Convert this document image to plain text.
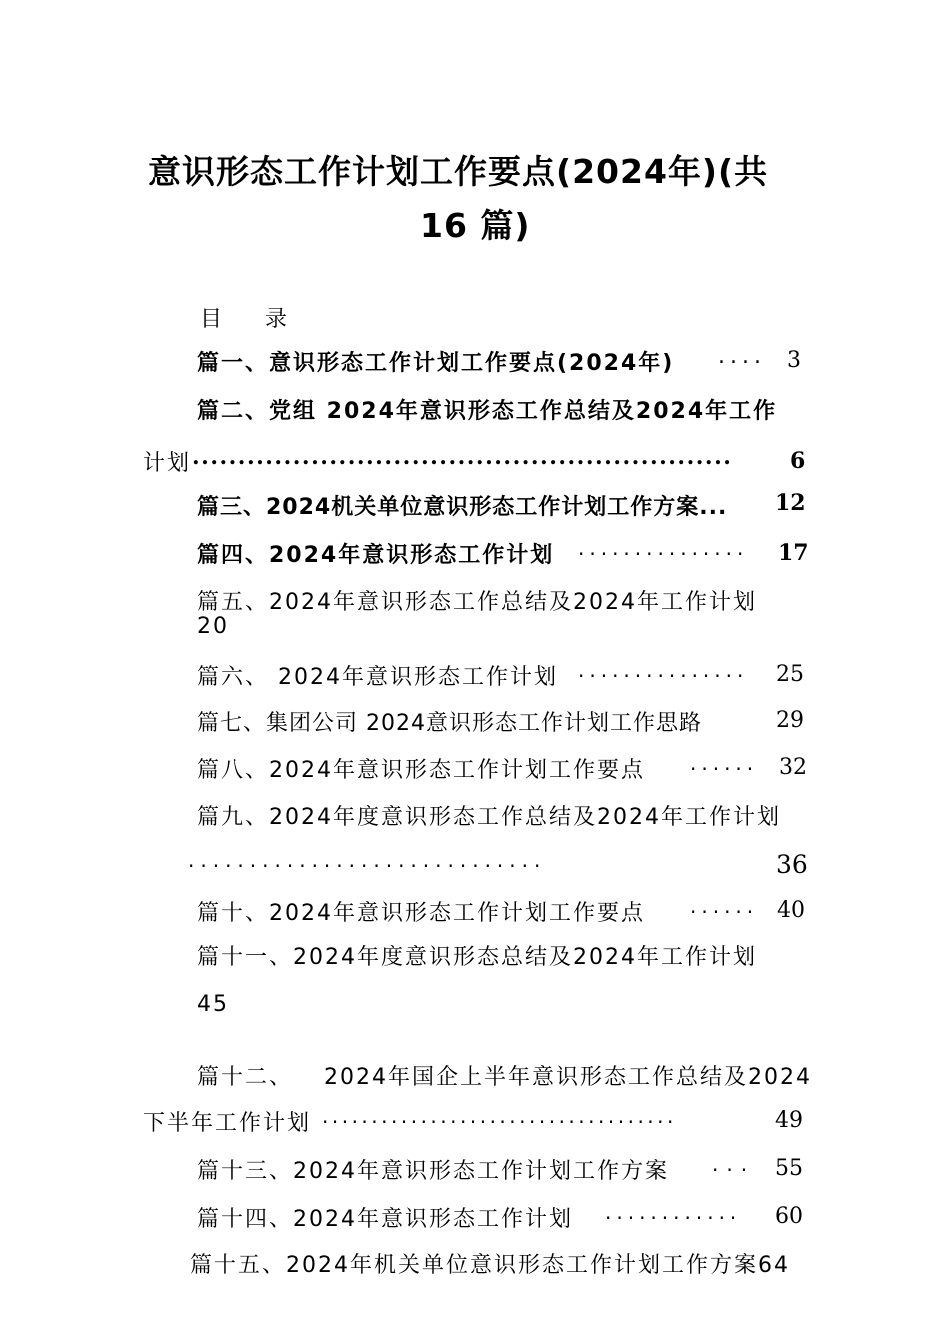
意识形态工作计划工作要点(2024年)(共
16 篇)
目 录
篇一、意识形态工作计划工作要点(2024年) .... 3
篇二、党组 2024年意识形态工作总结及2024年工作
计划 ...........................................................	6
篇三、2024机关单位意识形态工作计划工作方案... 12
篇四、2024年意识形态工作计划 ............... 17
篇五、2024年意识形态工作总结及2024年工作计划
20
篇六、 2024年意识形态工作计划 ............... 25
篇七、集团公司 2024意识形态工作计划工作思路	29
篇八、2024年意识形态工作计划工作要点 ...... 32
篇九、2024年度意识形态工作总结及2024年工作计划
.............................	36
篇十、2024年意识形态工作计划工作要点 ...... 40
篇十一、2024年度意识形态总结及2024年工作计划
45
篇十二、 2024年国企上半年意识形态工作总结及2024
下半年工作计划 ....................................	49
篇十三、2024年意识形态工作计划工作方案 ... 55
篇十四、2024年意识形态工作计划 ............ 60
篇十五、2024年机关单位意识形态工作计划工作方案64
